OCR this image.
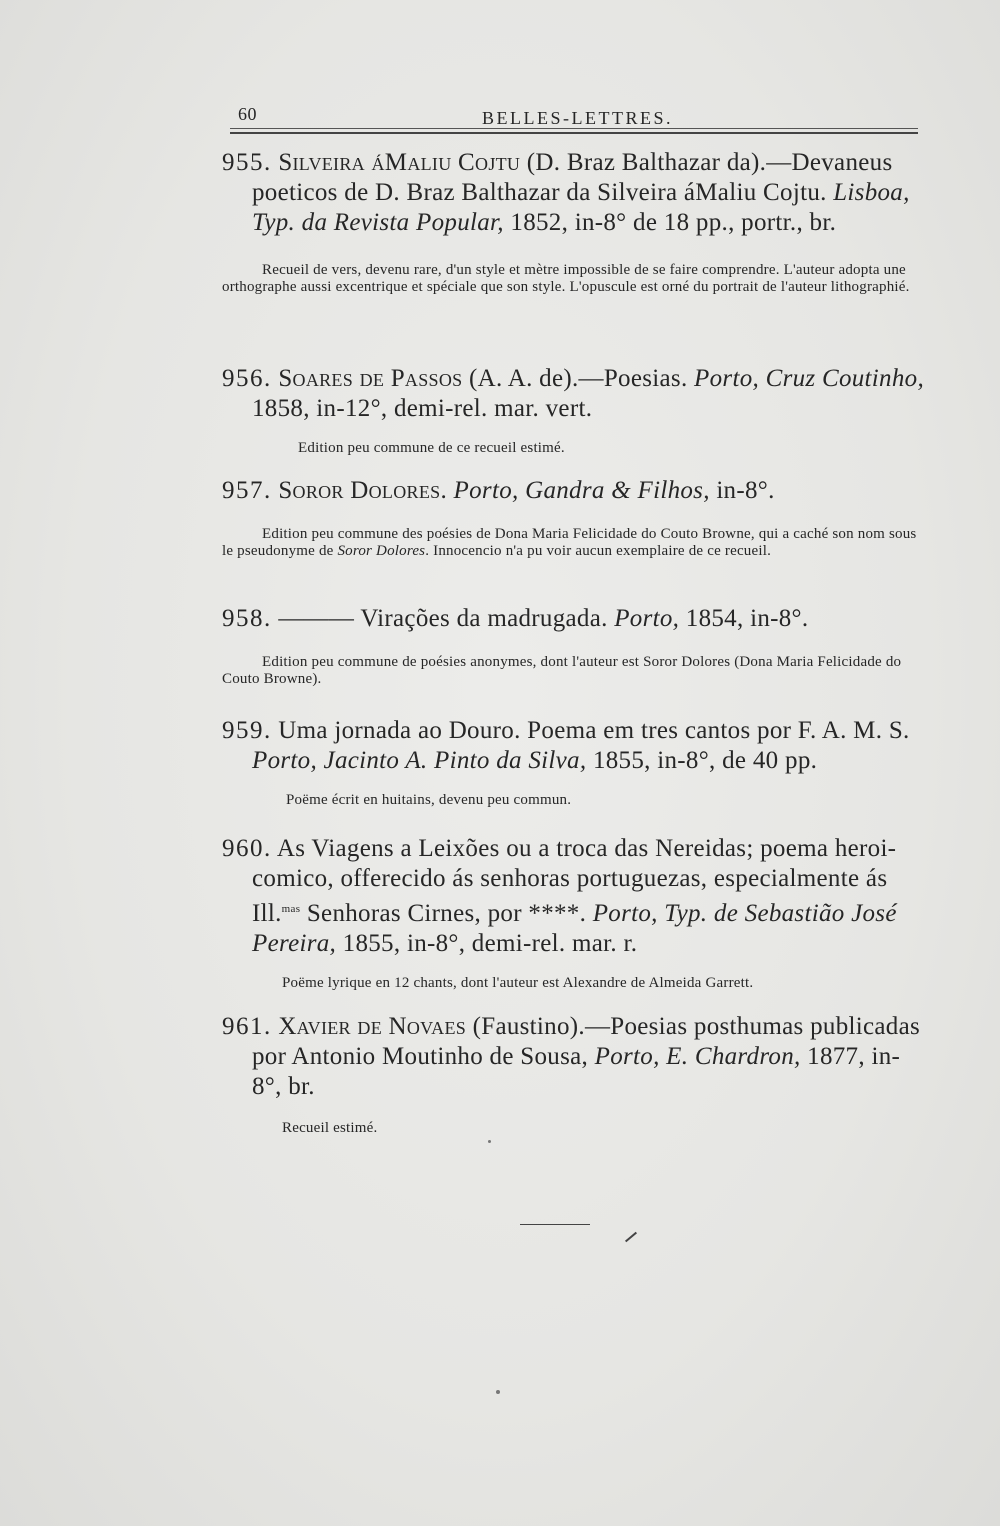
60	BELLES-LETTRES.

955. Silveira áMaliu Cojtu (D. Braz Balthazar da).—Devaneus poeticos de D. Braz Balthazar da Silveira áMaliu Cojtu. Lisboa, Typ. da Revista Popular, 1852, in-8° de 18 pp., portr., br.

Recueil de vers, devenu rare, d'un style et mètre impossible de se faire comprendre. L'auteur adopta une orthographe aussi excentrique et spéciale que son style. L'opuscule est orné du portrait de l'auteur lithographié.

956. Soares de Passos (A. A. de).—Poesias. Porto, Cruz Coutinho, 1858, in-12°, demi-rel. mar. vert.

Edition peu commune de ce recueil estimé.

957. Soror Dolores. Porto, Gandra & Filhos, in-8°.

Edition peu commune des poésies de Dona Maria Felicidade do Couto Browne, qui a caché son nom sous le pseudonyme de Soror Dolores. Innocencio n'a pu voir aucun exemplaire de ce recueil.

958. ——— Virações da madrugada. Porto, 1854, in-8°.

Edition peu commune de poésies anonymes, dont l'auteur est Soror Dolores (Dona Maria Felicidade do Couto Browne).

959. Uma jornada ao Douro. Poema em tres cantos por F. A. M. S. Porto, Jacinto A. Pinto da Silva, 1855, in-8°, de 40 pp.

Poëme écrit en huitains, devenu peu commun.

960. As Viagens a Leixões ou a troca das Nereidas; poema heroi-comico, offerecido ás senhoras portuguezas, especialmente ás Ill.$^{mas}$ Senhoras Cirnes, por ****. Porto, Typ. de Sebastião José Pereira, 1855, in-8°, demi-rel. mar. r.

Poëme lyrique en 12 chants, dont l'auteur est Alexandre de Almeida Garrett.

961. Xavier de Novaes (Faustino).—Poesias posthumas publicadas por Antonio Moutinho de Sousa, Porto, E. Chardron, 1877, in-8°, br.

Recueil estimé.
